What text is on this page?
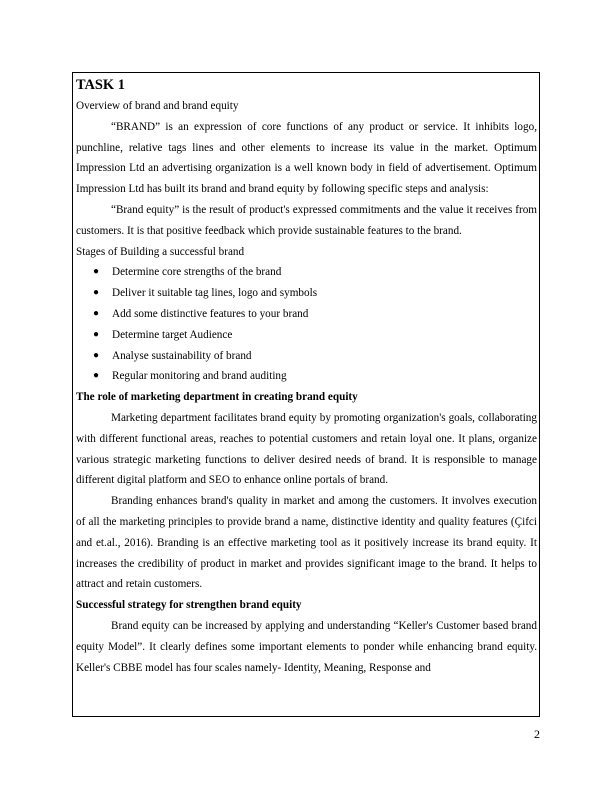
TASK 1

Overview of brand and brand equity

“BRAND” is an expression of core functions of any product or service. It inhibits logo, punchline, relative tags lines and other elements to increase its value in the market. Optimum Impression Ltd an advertising organization is a well known body in field of advertisement. Optimum Impression Ltd has built its brand and brand equity by following specific steps and analysis:

“Brand equity” is the result of product's expressed commitments and the value it receives from customers. It is that positive feedback which provide sustainable features to the brand.

Stages of Building a successful brand

● Determine core strengths of the brand
● Deliver it suitable tag lines, logo and symbols
● Add some distinctive features to your brand
● Determine target Audience
● Analyse sustainability of brand
● Regular monitoring and brand auditing

The role of marketing department in creating brand equity

Marketing department facilitates brand equity by promoting organization's goals, collaborating with different functional areas, reaches to potential customers and retain loyal one. It plans, organize various strategic marketing functions to deliver desired needs of brand. It is responsible to manage different digital platform and SEO to enhance online portals of brand.

Branding enhances brand's quality in market and among the customers. It involves execution of all the marketing principles to provide brand a name, distinctive identity and quality features (Çifci and et.al., 2016). Branding is an effective marketing tool as it positively increase its brand equity. It increases the credibility of product in market and provides significant image to the brand. It helps to attract and retain customers.

Successful strategy for strengthen brand equity

Brand equity can be increased by applying and understanding “Keller's Customer based brand equity Model”. It clearly defines some important elements to ponder while enhancing brand equity. Keller's CBBE model has four scales namely- Identity, Meaning, Response and

2
